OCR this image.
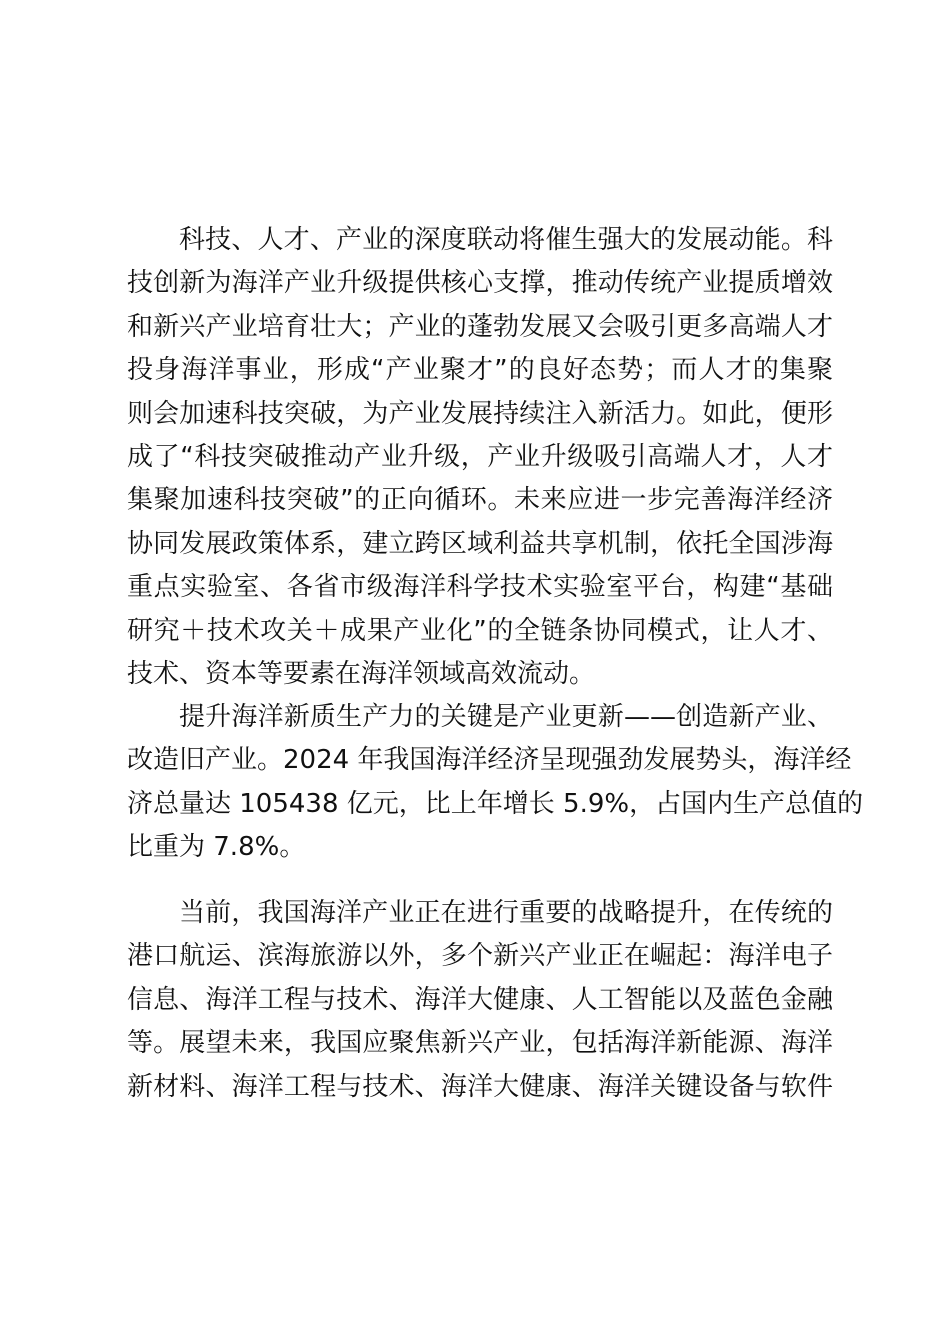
科技、人才、产业的深度联动将催生强大的发展动能。科
技创新为海洋产业升级提供核心支撑，推动传统产业提质增效
和新兴产业培育壮大；产业的蓬勃发展又会吸引更多高端人才
投身海洋事业，形成“产业聚才”的良好态势；而人才的集聚
则会加速科技突破，为产业发展持续注入新活力。如此，便形
成了“科技突破推动产业升级，产业升级吸引高端人才，人才
集聚加速科技突破”的正向循环。未来应进一步完善海洋经济
协同发展政策体系，建立跨区域利益共享机制，依托全国涉海
重点实验室、各省市级海洋科学技术实验室平台，构建“基础
研究＋技术攻关＋成果产业化”的全链条协同模式，让人才、
技术、资本等要素在海洋领域高效流动。
提升海洋新质生产力的关键是产业更新——创造新产业、
改造旧产业。2024 年我国海洋经济呈现强劲发展势头，海洋经
济总量达 105438 亿元，比上年增长 5.9%，占国内生产总值的
比重为 7.8%。
当前，我国海洋产业正在进行重要的战略提升，在传统的
港口航运、滨海旅游以外，多个新兴产业正在崛起：海洋电子
信息、海洋工程与技术、海洋大健康、人工智能以及蓝色金融
等。展望未来，我国应聚焦新兴产业，包括海洋新能源、海洋
新材料、海洋工程与技术、海洋大健康、海洋关键设备与软件
